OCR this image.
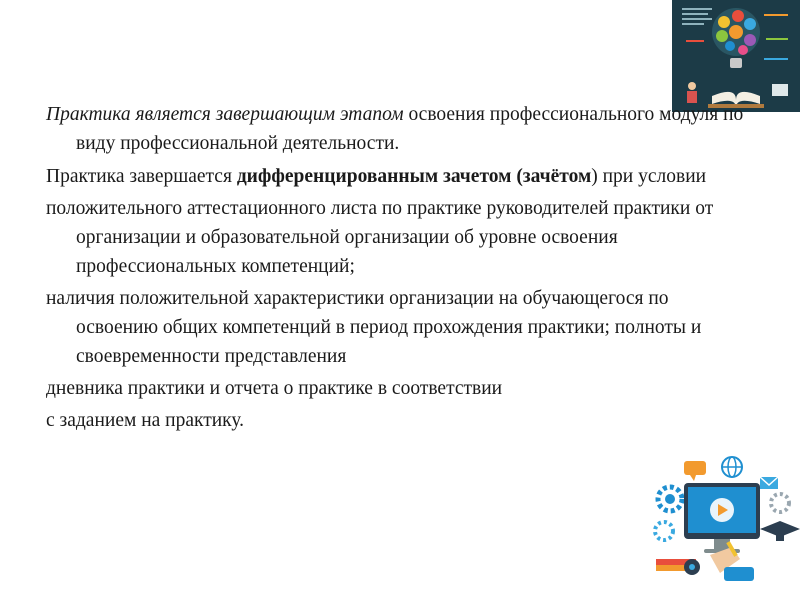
Практика является завершающим этапом освоения профессионального модуля по виду профессиональной деятельности.

Практика завершается дифференцированным зачетом (зачётом) при условии

положительного аттестационного листа по практике руководителей практики от организации и образовательной организации об уровне освоения профессиональных компетенций;

наличия положительной характеристики организации на обучающегося по освоению общих компетенций в период прохождения практики; полноты и своевременности представления

дневника практики и отчета о практике в соответствии

с заданием на практику.
